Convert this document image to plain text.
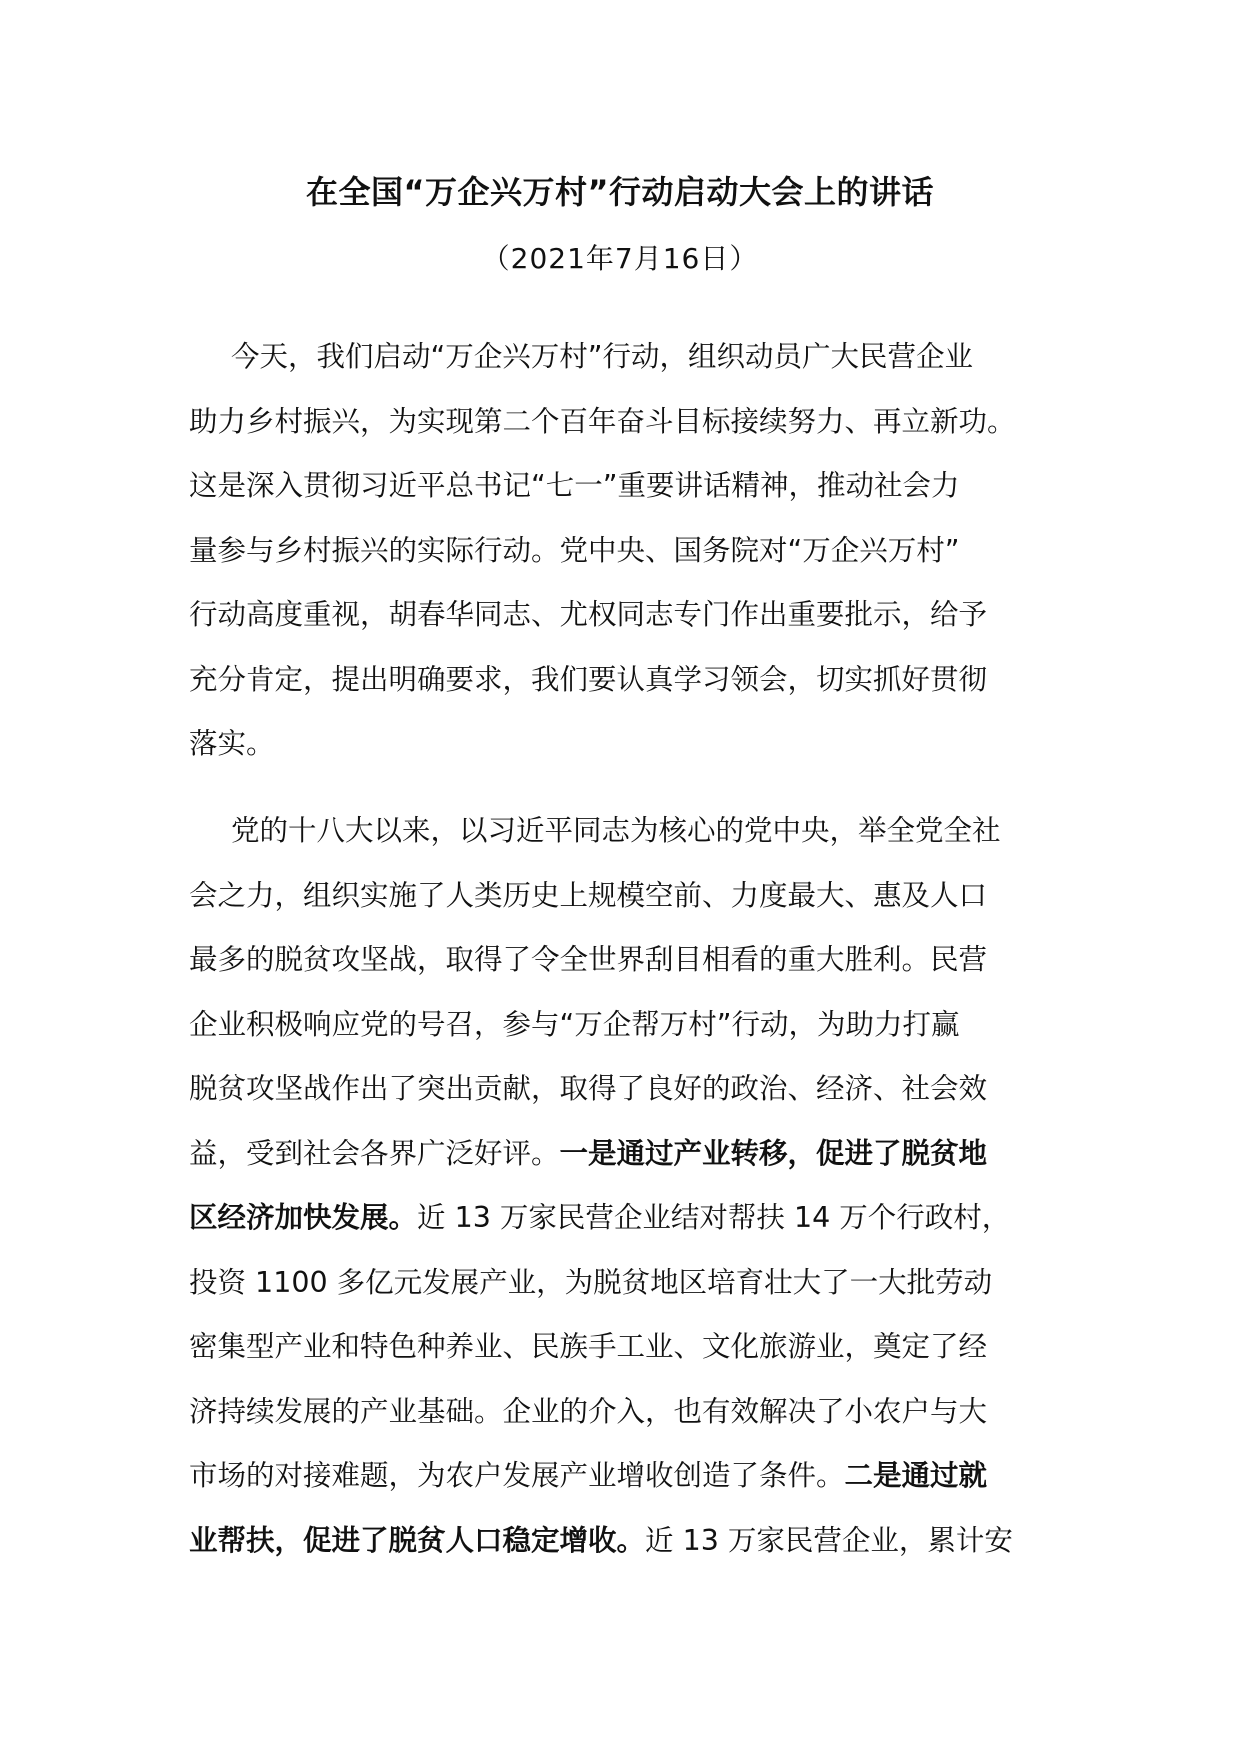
在全国“万企兴万村”行动启动大会上的讲话
（2021年7月16日）
今天，我们启动“万企兴万村”行动，组织动员广大民营企业
助力乡村振兴，为实现第二个百年奋斗目标接续努力、再立新功。
这是深入贯彻习近平总书记“七一”重要讲话精神，推动社会力
量参与乡村振兴的实际行动。党中央、国务院对“万企兴万村”
行动高度重视，胡春华同志、尤权同志专门作出重要批示，给予
充分肯定，提出明确要求，我们要认真学习领会，切实抓好贯彻
落实。
党的十八大以来，以习近平同志为核心的党中央，举全党全社
会之力，组织实施了人类历史上规模空前、力度最大、惠及人口
最多的脱贫攻坚战，取得了令全世界刮目相看的重大胜利。民营
企业积极响应党的号召，参与“万企帮万村”行动，为助力打赢
脱贫攻坚战作出了突出贡献，取得了良好的政治、经济、社会效
益，受到社会各界广泛好评。一是通过产业转移，促进了脱贫地
区经济加快发展。近 13 万家民营企业结对帮扶 14 万个行政村，
投资 1100 多亿元发展产业，为脱贫地区培育壮大了一大批劳动
密集型产业和特色种养业、民族手工业、文化旅游业，奠定了经
济持续发展的产业基础。企业的介入，也有效解决了小农户与大
市场的对接难题，为农户发展产业增收创造了条件。二是通过就
业帮扶，促进了脱贫人口稳定增收。近 13 万家民营企业，累计安
